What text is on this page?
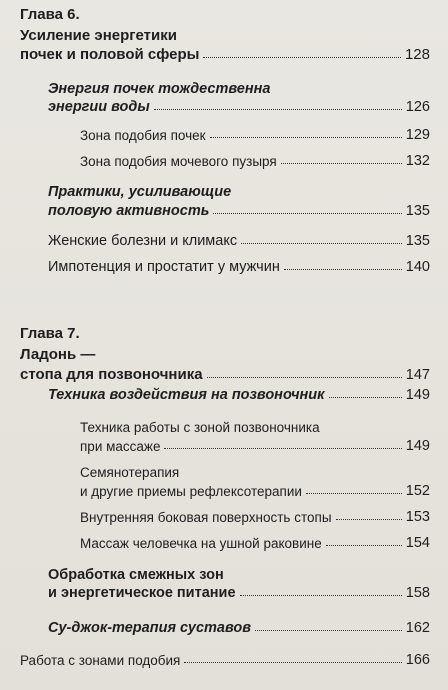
Глава 6.
Усиление энергетики
почек и половой сферы	128
Энергия почек тождественна
энергии воды	126
Зона подобия почек	129
Зона подобия мочевого пузыря	132
Практики, усиливающие
половую активность	135
Женские болезни и климакс	135
Импотенция и простатит у мужчин	140
Глава 7.
Ладонь —
стопа для позвоночника	147
Техника воздействия на позвоночник	149
Техника работы с зоной позвоночника
при массаже	149
Семянотерапия
и другие приемы рефлексотерапии	152
Внутренняя боковая поверхность стопы	153
Массаж человечка на ушной раковине	154
Обработка смежных зон
и энергетическое питание	158
Су-джок-терапия суставов	162
Работа с зонами подобия	166
